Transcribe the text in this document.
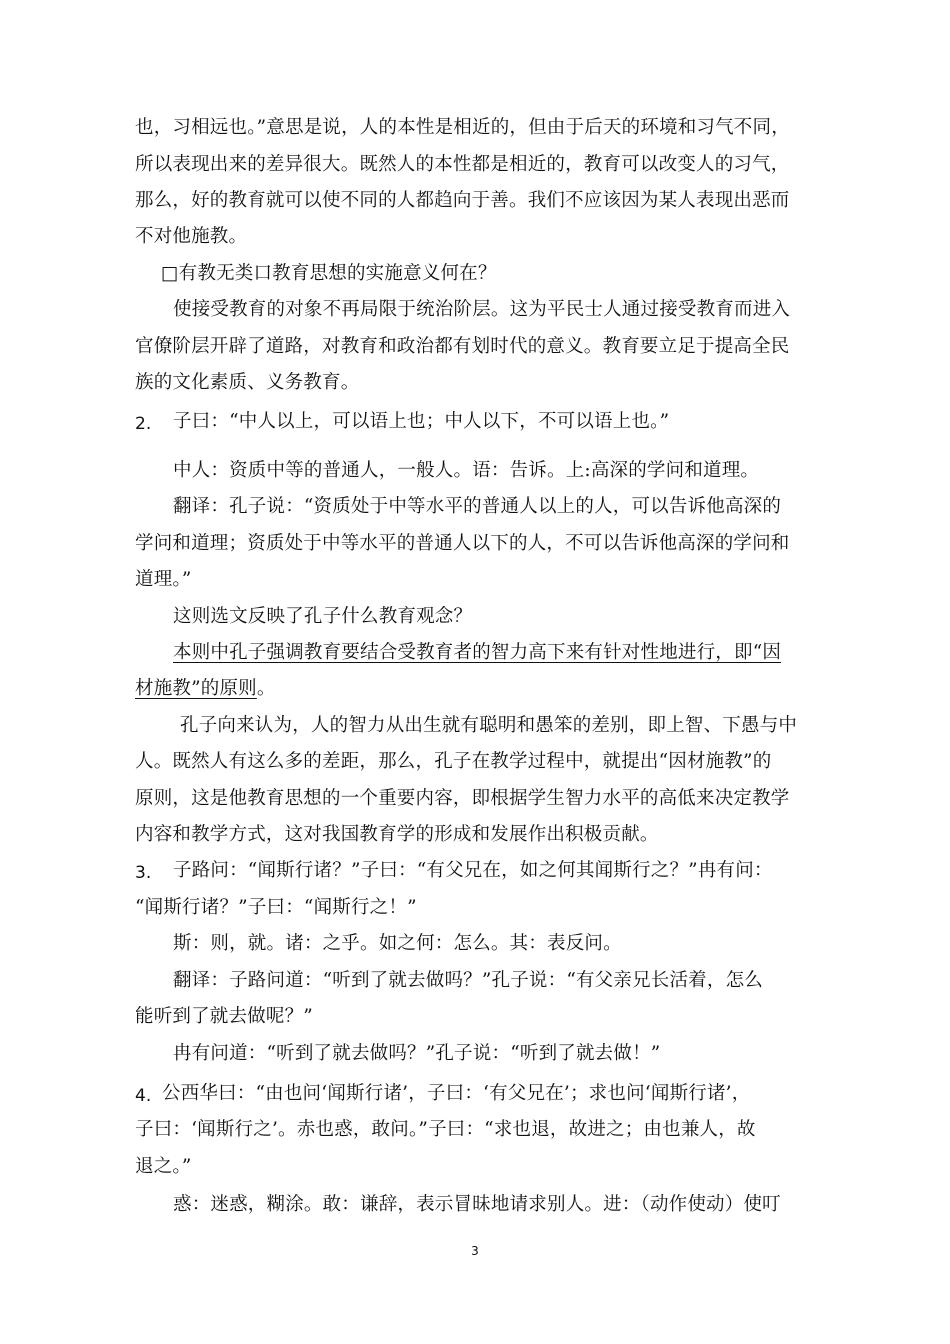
也，习相远也。”意思是说，人的本性是相近的，但由于后天的环境和习气不同，
所以表现出来的差异很大。既然人的本性都是相近的，教育可以改变人的习气，
那么，好的教育就可以使不同的人都趋向于善。我们不应该因为某人表现出恶而
不对他施教。
□有教无类口教育思想的实施意义何在？
使接受教育的对象不再局限于统治阶层。这为平民士人通过接受教育而进入
官僚阶层开辟了道路，对教育和政治都有划时代的意义。教育要立足于提高全民
族的文化素质、义务教育。
2. 子曰：“中人以上，可以语上也；中人以下，不可以语上也。”
中人：资质中等的普通人，一般人。语：告诉。上:高深的学问和道理。
翻译：孔子说：“资质处于中等水平的普通人以上的人，可以告诉他高深的
学问和道理；资质处于中等水平的普通人以下的人，不可以告诉他高深的学问和
道理。”
这则选文反映了孔子什么教育观念？
本则中孔子强调教育要结合受教育者的智力高下来有针对性地进行，即“因
材施教”的原则。
孔子向来认为，人的智力从出生就有聪明和愚笨的差别，即上智、下愚与中
人。既然人有这么多的差距，那么，孔子在教学过程中，就提出“因材施教”的
原则，这是他教育思想的一个重要内容，即根据学生智力水平的高低来决定教学
内容和教学方式，这对我国教育学的形成和发展作出积极贡献。
3. 子路问：“闻斯行诸？”子曰：“有父兄在，如之何其闻斯行之？”冉有问：
“闻斯行诸？”子曰：“闻斯行之！”
斯：则，就。诸：之乎。如之何：怎么。其：表反问。
翻译：子路问道：“听到了就去做吗？”孔子说：“有父亲兄长活着，怎么
能听到了就去做呢？”
冉有问道：“听到了就去做吗？”孔子说：“听到了就去做！”
4. 公西华曰：“由也问‘闻斯行诸’，子曰：‘有父兄在’；求也问‘闻斯行诸’，
子曰：‘闻斯行之’。赤也惑，敢问。”子曰：“求也退，故进之；由也兼人，故
退之。”
惑：迷惑，糊涂。敢：谦辞，表示冒昧地请求别人。进：（动作使动）使叮
3
